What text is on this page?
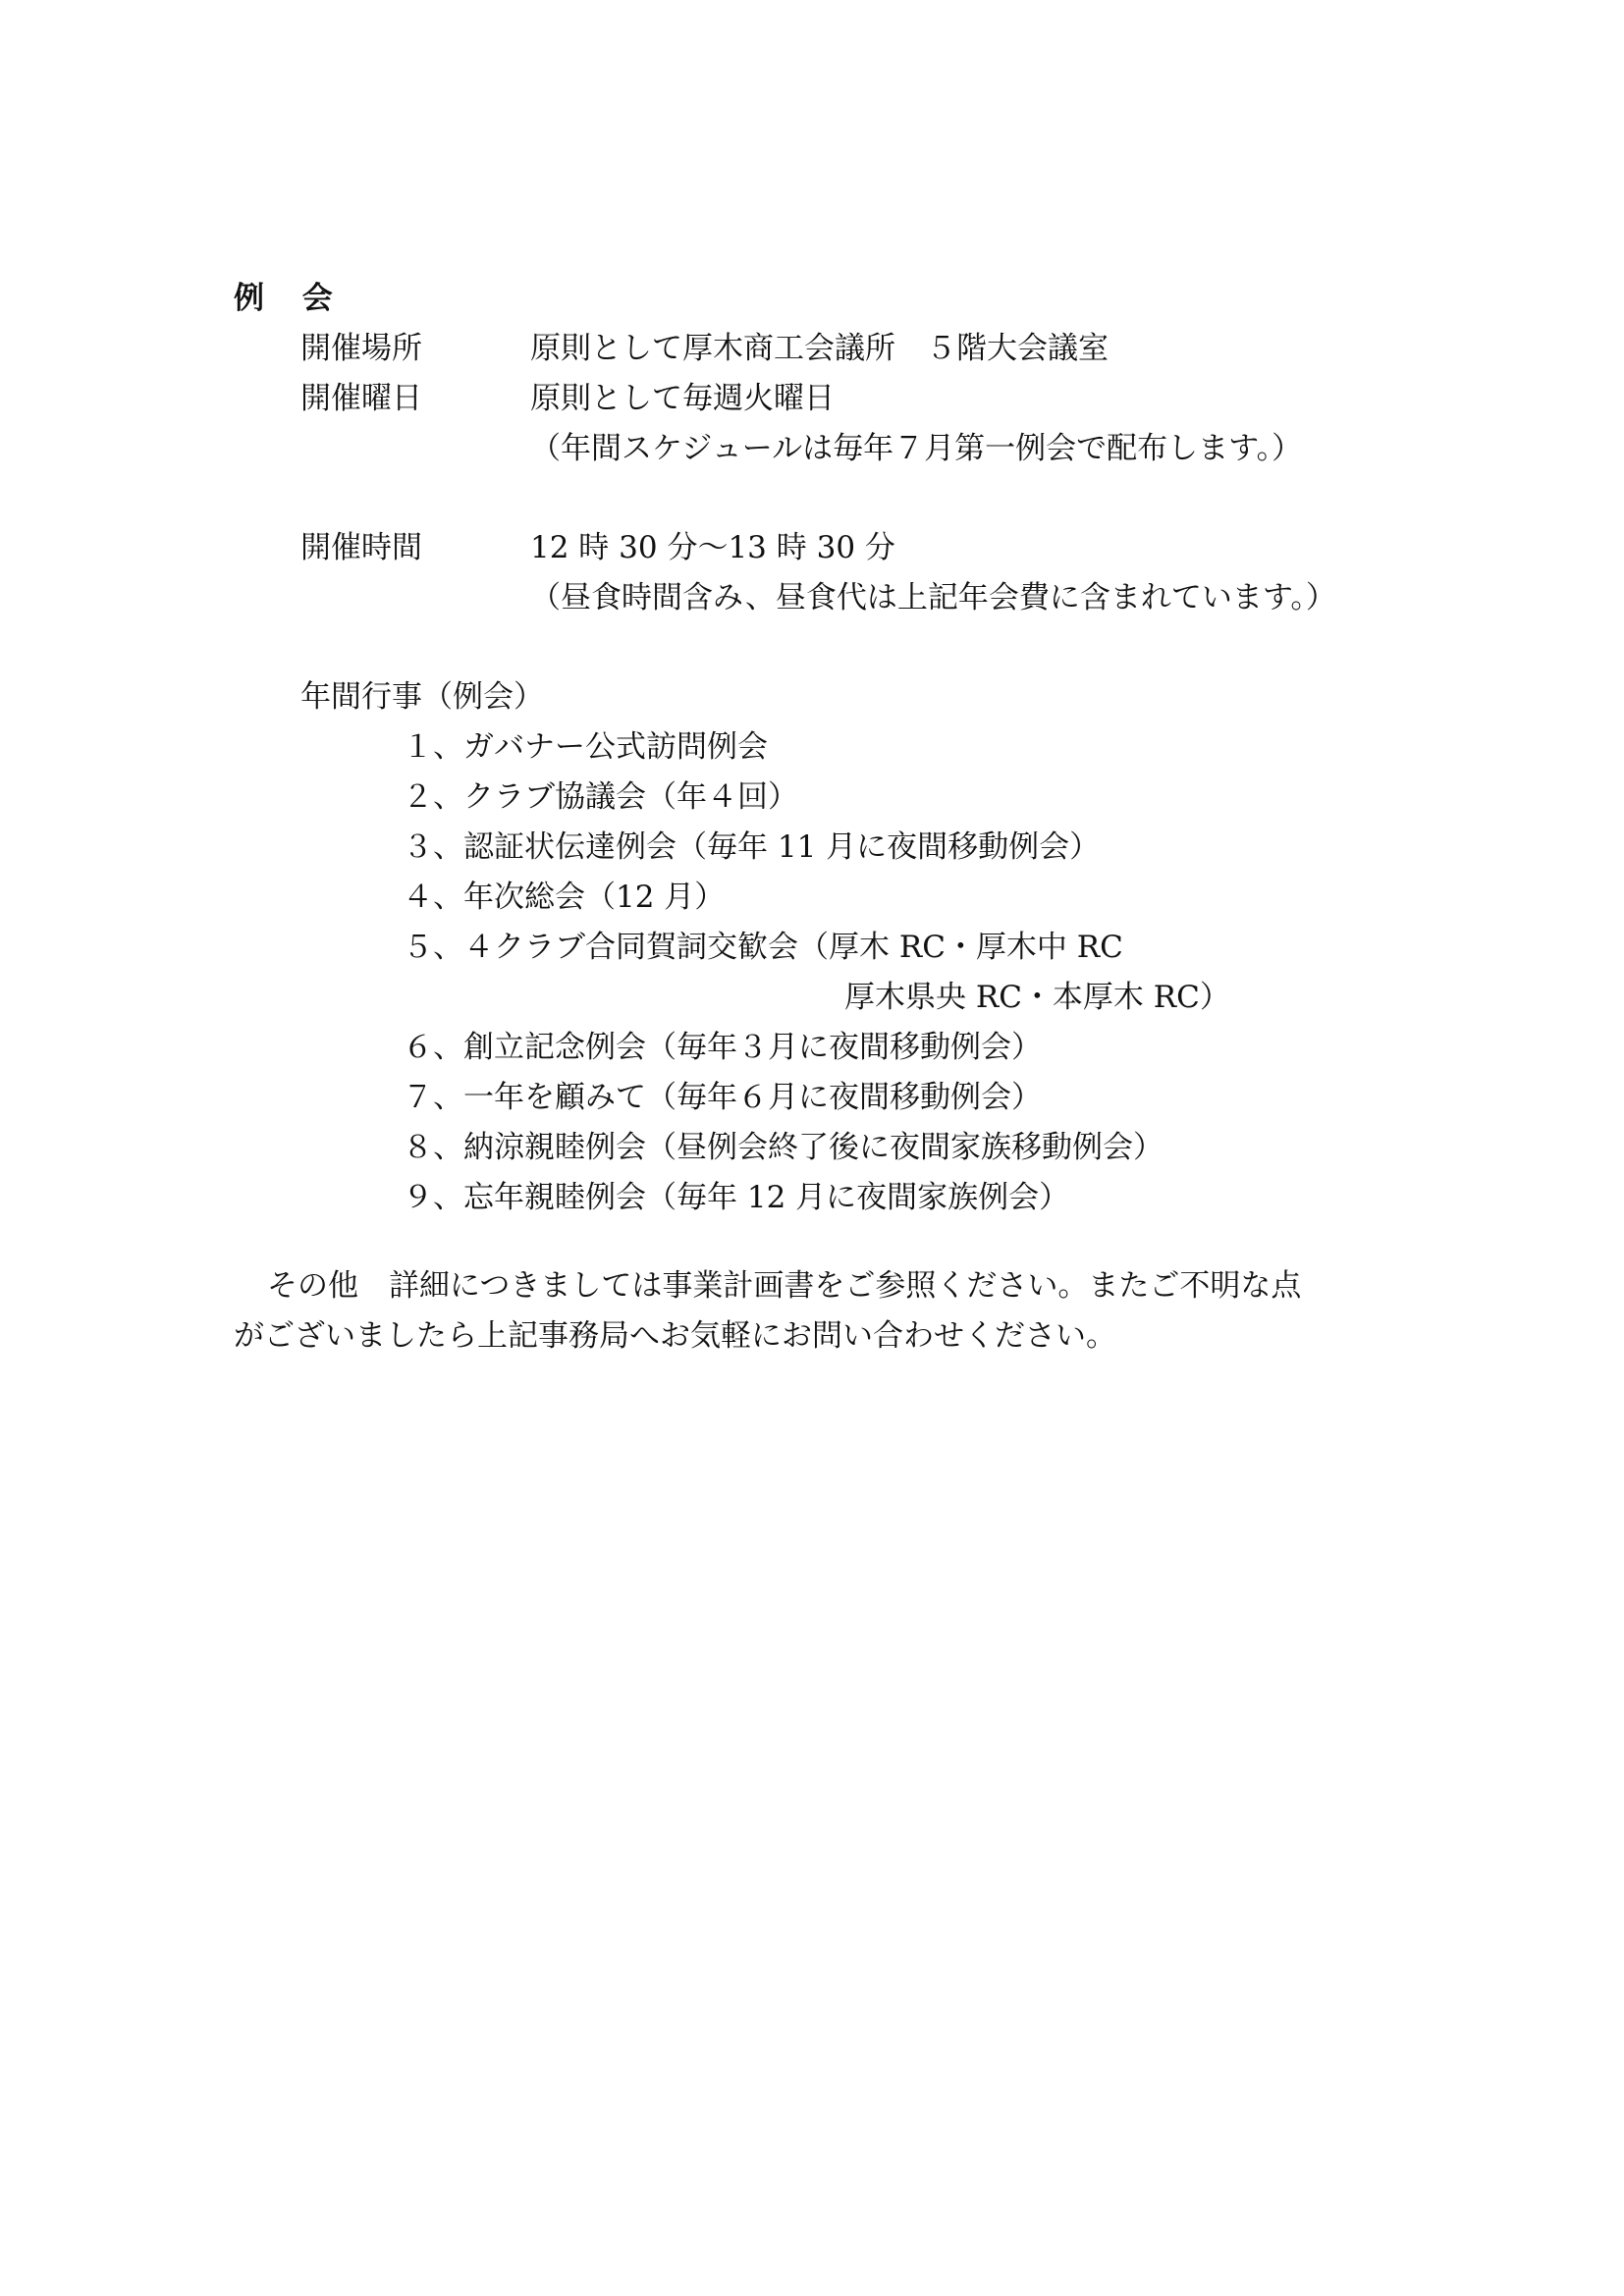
例 会
開催場所	原則として厚木商工会議所　５階大会議室
開催曜日	原則として毎週火曜日
（年間スケジュールは毎年７月第一例会で配布します。）
開催時間	12 時 30 分～13 時 30 分
（昼食時間含み、昼食代は上記年会費に含まれています。）
年間行事（例会）
１、ガバナー公式訪問例会
２、クラブ協議会（年４回）
３、認証状伝達例会（毎年 11 月に夜間移動例会）
４、年次総会（12 月）
５、４クラブ合同賀詞交歓会（厚木 RC・厚木中 RC
厚木県央 RC・本厚木 RC）
６、創立記念例会（毎年３月に夜間移動例会）
７、一年を顧みて（毎年６月に夜間移動例会）
８、納涼親睦例会（昼例会終了後に夜間家族移動例会）
９、忘年親睦例会（毎年 12 月に夜間家族例会）
その他　詳細につきましては事業計画書をご参照ください。またご不明な点
がございましたら上記事務局へお気軽にお問い合わせください。
